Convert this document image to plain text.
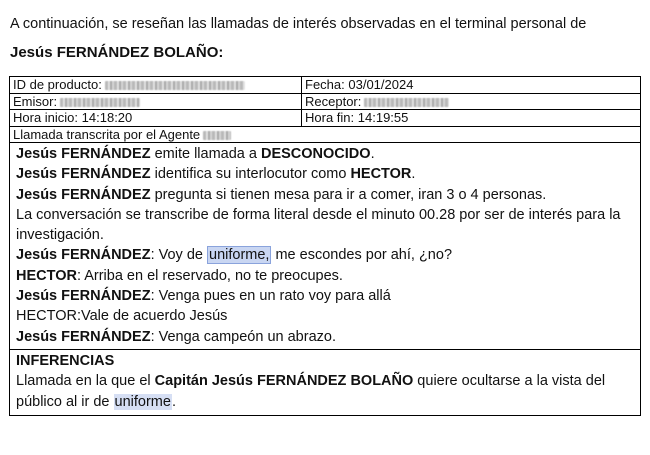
A continuación, se reseñan las llamadas de interés observadas en el terminal personal de
Jesús FERNÁNDEZ BOLAÑO:
ID de producto:	Fecha: 03/01/2024
Emisor:	Receptor:
Hora inicio: 14:18:20	Hora fin: 14:19:55
Llamada transcrita por el Agente
Jesús FERNÁNDEZ emite llamada a DESCONOCIDO.
Jesús FERNÁNDEZ identifica su interlocutor como HECTOR.
Jesús FERNÁNDEZ pregunta si tienen mesa para ir a comer, iran 3 o 4 personas.
La conversación se transcribe de forma literal desde el minuto 00.28 por ser de interés para la investigación.
Jesús FERNÁNDEZ: Voy de uniforme, me escondes por ahí, ¿no?
HECTOR: Arriba en el reservado, no te preocupes.
Jesús FERNÁNDEZ: Venga pues en un rato voy para allá
HECTOR:Vale de acuerdo Jesús
Jesús FERNÁNDEZ: Venga campeón un abrazo.
INFERENCIAS
Llamada en la que el Capitán Jesús FERNÁNDEZ BOLAÑO quiere ocultarse a la vista del público al ir de uniforme.
